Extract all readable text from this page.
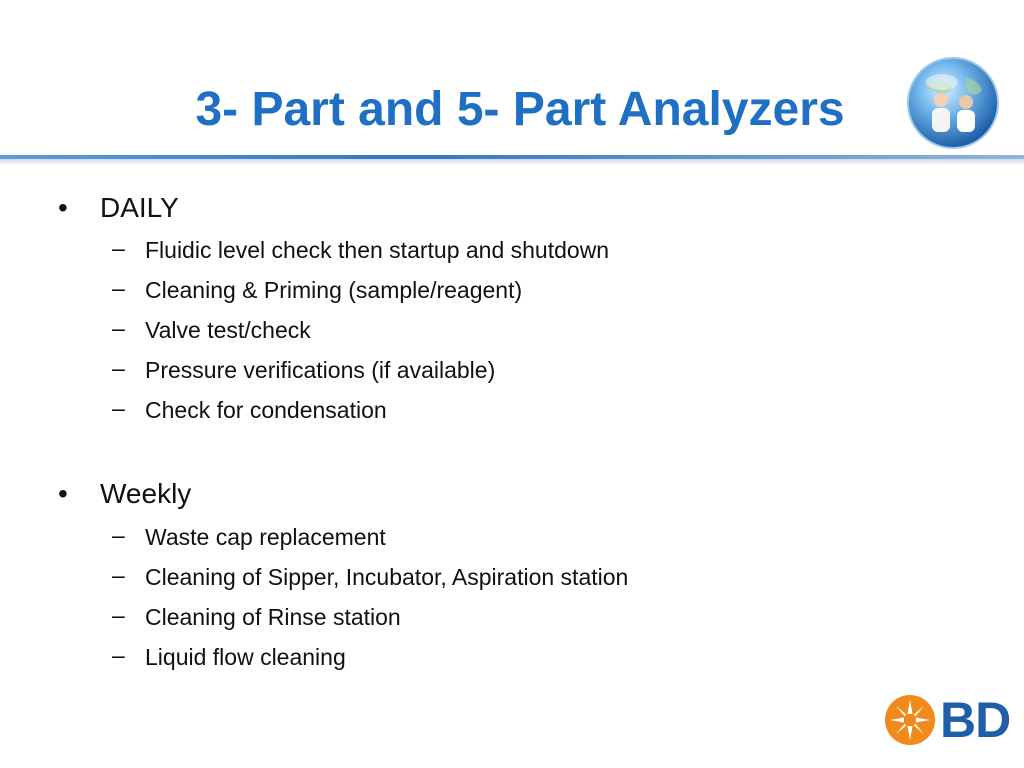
3- Part and 5- Part Analyzers
•	DAILY
– Fluidic level check then startup and shutdown
– Cleaning & Priming (sample/reagent)
– Valve test/check
– Pressure verifications (if available)
– Check for condensation
•	Weekly
– Waste cap replacement
– Cleaning of Sipper, Incubator, Aspiration station
– Cleaning of Rinse station
– Liquid flow cleaning
BD
